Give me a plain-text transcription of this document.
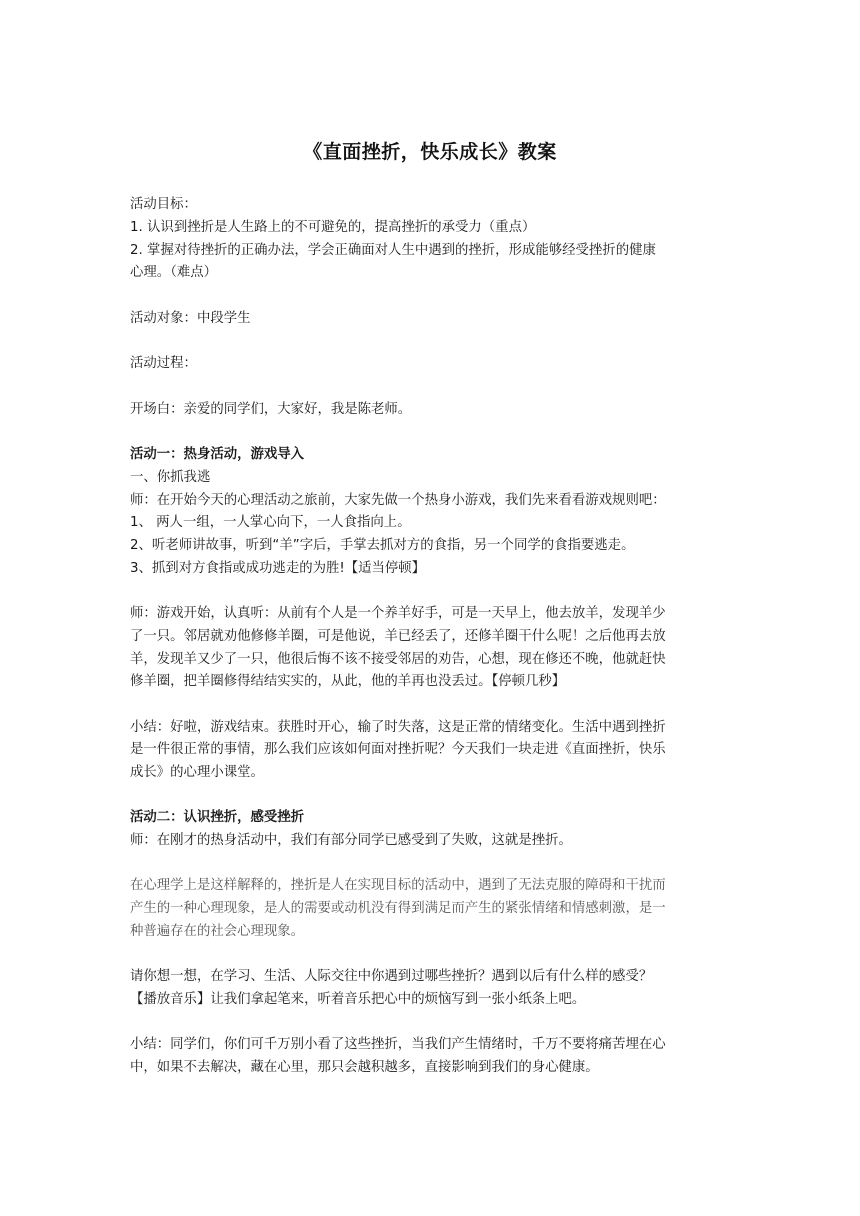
《直面挫折，快乐成长》教案
活动目标：
1. 认识到挫折是人生路上的不可避免的，提高挫折的承受力（重点）
2. 掌握对待挫折的正确办法，学会正确面对人生中遇到的挫折，形成能够经受挫折的健康
心理。（难点）
活动对象：中段学生
活动过程：
开场白：亲爱的同学们，大家好，我是陈老师。
活动一：热身活动，游戏导入
一、你抓我逃
师：在开始今天的心理活动之旅前，大家先做一个热身小游戏，我们先来看看游戏规则吧：
1、 两人一组，一人掌心向下，一人食指向上。
2、听老师讲故事，听到“羊”字后，手掌去抓对方的食指，另一个同学的食指要逃走。
3、抓到对方食指或成功逃走的为胜!【适当停顿】
师：游戏开始，认真听：从前有个人是一个养羊好手，可是一天早上，他去放羊，发现羊少
了一只。邻居就劝他修修羊圈，可是他说，羊已经丢了，还修羊圈干什么呢！之后他再去放
羊，发现羊又少了一只，他很后悔不该不接受邻居的劝告，心想，现在修还不晚，他就赶快
修羊圈，把羊圈修得结结实实的，从此，他的羊再也没丢过。【停顿几秒】
小结：好啦，游戏结束。获胜时开心，输了时失落，这是正常的情绪变化。生活中遇到挫折
是一件很正常的事情，那么我们应该如何面对挫折呢？今天我们一块走进《直面挫折，快乐
成长》的心理小课堂。
活动二：认识挫折，感受挫折
师：在刚才的热身活动中，我们有部分同学已感受到了失败，这就是挫折。
在心理学上是这样解释的，挫折是人在实现目标的活动中，遇到了无法克服的障碍和干扰而
产生的一种心理现象，是人的需要或动机没有得到满足而产生的紧张情绪和情感刺激，是一
种普遍存在的社会心理现象。
请你想一想，在学习、生活、人际交往中你遇到过哪些挫折？遇到以后有什么样的感受？
【播放音乐】让我们拿起笔来，听着音乐把心中的烦恼写到一张小纸条上吧。
小结：同学们，你们可千万别小看了这些挫折，当我们产生情绪时，千万不要将痛苦埋在心
中，如果不去解决，藏在心里，那只会越积越多，直接影响到我们的身心健康。
